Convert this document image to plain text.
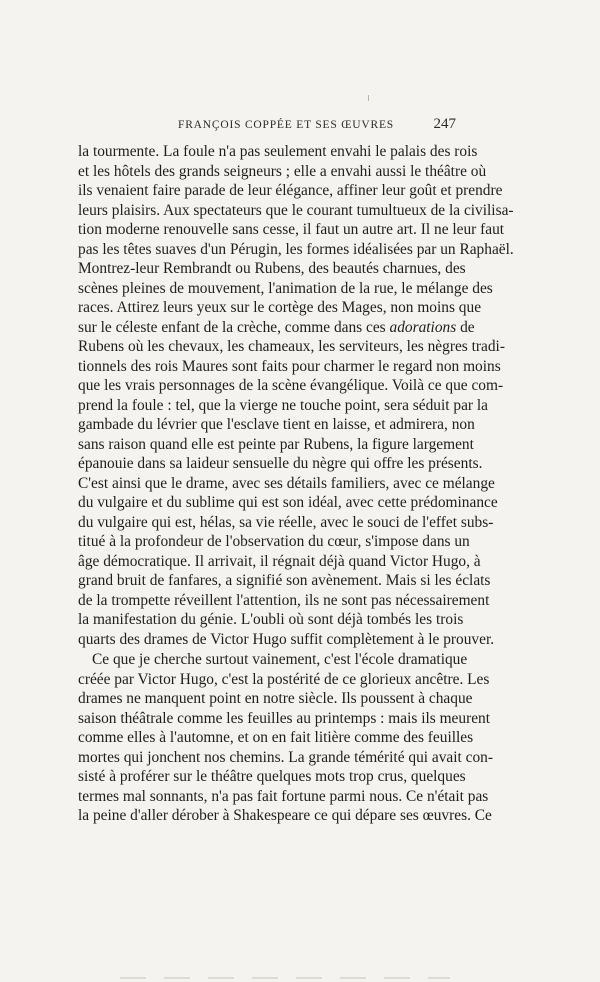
FRANÇOIS COPPÉE ET SES ŒUVRES	247
la tourmente. La foule n'a pas seulement envahi le palais des rois
et les hôtels des grands seigneurs ; elle a envahi aussi le théâtre où
ils venaient faire parade de leur élégance, affiner leur goût et prendre
leurs plaisirs. Aux spectateurs que le courant tumultueux de la civilisa-
tion moderne renouvelle sans cesse, il faut un autre art. Il ne leur faut
pas les têtes suaves d'un Pérugin, les formes idéalisées par un Raphaël.
Montrez-leur Rembrandt ou Rubens, des beautés charnues, des
scènes pleines de mouvement, l'animation de la rue, le mélange des
races. Attirez leurs yeux sur le cortège des Mages, non moins que
sur le céleste enfant de la crèche, comme dans ces adorations de
Rubens où les chevaux, les chameaux, les serviteurs, les nègres tradi-
tionnels des rois Maures sont faits pour charmer le regard non moins
que les vrais personnages de la scène évangélique. Voilà ce que com-
prend la foule : tel, que la vierge ne touche point, sera séduit par la
gambade du lévrier que l'esclave tient en laisse, et admirera, non
sans raison quand elle est peinte par Rubens, la figure largement
épanouie dans sa laideur sensuelle du nègre qui offre les présents.
C'est ainsi que le drame, avec ses détails familiers, avec ce mélange
du vulgaire et du sublime qui est son idéal, avec cette prédominance
du vulgaire qui est, hélas, sa vie réelle, avec le souci de l'effet subs-
titué à la profondeur de l'observation du cœur, s'impose dans un
âge démocratique. Il arrivait, il régnait déjà quand Victor Hugo, à
grand bruit de fanfares, a signifié son avènement. Mais si les éclats
de la trompette réveillent l'attention, ils ne sont pas nécessairement
la manifestation du génie. L'oubli où sont déjà tombés les trois
quarts des drames de Victor Hugo suffit complètement à le prouver.
Ce que je cherche surtout vainement, c'est l'école dramatique
créée par Victor Hugo, c'est la postérité de ce glorieux ancêtre. Les
drames ne manquent point en notre siècle. Ils poussent à chaque
saison théâtrale comme les feuilles au printemps : mais ils meurent
comme elles à l'automne, et on en fait litière comme des feuilles
mortes qui jonchent nos chemins. La grande témérité qui avait con-
sisté à proférer sur le théâtre quelques mots trop crus, quelques
termes mal sonnants, n'a pas fait fortune parmi nous. Ce n'était pas
la peine d'aller dérober à Shakespeare ce qui dépare ses œuvres. Ce
